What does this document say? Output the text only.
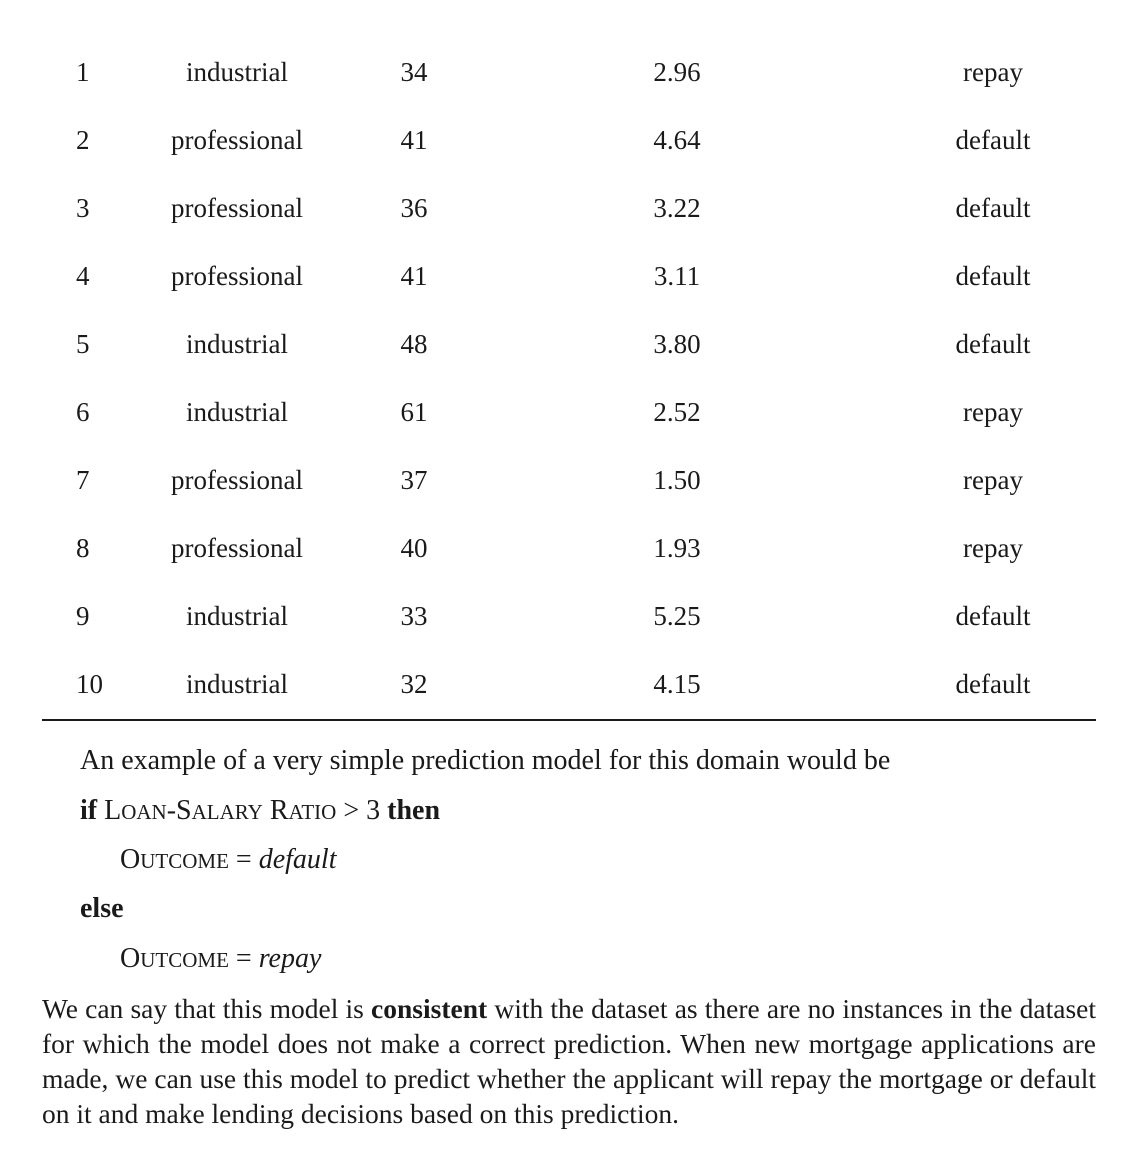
1	industrial	34	2.96	repay
2	professional	41	4.64	default
3	professional	36	3.22	default
4	professional	41	3.11	default
5	industrial	48	3.80	default
6	industrial	61	2.52	repay
7	professional	37	1.50	repay
8	professional	40	1.93	repay
9	industrial	33	5.25	default
10	industrial	32	4.15	default
An example of a very simple prediction model for this domain would be
if LOAN-SALARY RATIO > 3 then
OUTCOME = default
else
OUTCOME = repay
We can say that this model is consistent with the dataset as there are no instances in the dataset for which the model does not make a correct prediction. When new mortgage applications are made, we can use this model to predict whether the applicant will repay the mortgage or default on it and make lending decisions based on this prediction.
